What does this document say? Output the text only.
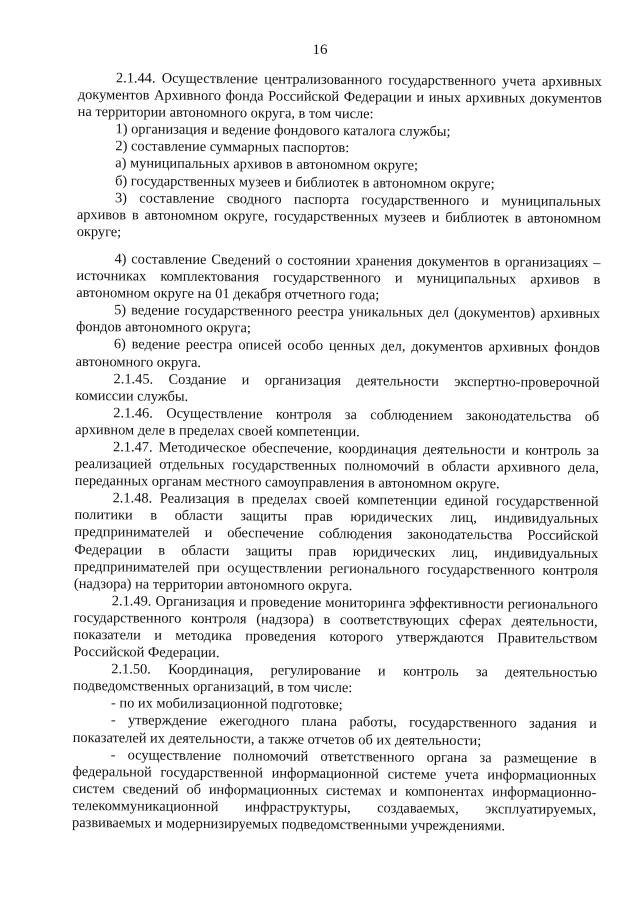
16

2.1.44. Осуществление централизованного государственного учета архивных документов Архивного фонда Российской Федерации и иных архивных документов на территории автономного округа, в том числе:

1) организация и ведение фондового каталога службы;

2) составление суммарных паспортов:

а) муниципальных архивов в автономном округе;

б) государственных музеев и библиотек в автономном округе;

3) составление сводного паспорта государственного и муниципальных архивов в автономном округе, государственных музеев и библиотек в автономном округе;

4) составление Сведений о состоянии хранения документов в организациях – источниках комплектования государственного и муниципальных архивов в автономном округе на 01 декабря отчетного года;

5) ведение государственного реестра уникальных дел (документов) архивных фондов автономного округа;

6) ведение реестра описей особо ценных дел, документов архивных фондов автономного округа.

2.1.45. Создание и организация деятельности экспертно-проверочной комиссии службы.

2.1.46. Осуществление контроля за соблюдением законодательства об архивном деле в пределах своей компетенции.

2.1.47. Методическое обеспечение, координация деятельности и контроль за реализацией отдельных государственных полномочий в области архивного дела, переданных органам местного самоуправления в автономном округе.

2.1.48. Реализация в пределах своей компетенции единой государственной политики в области защиты прав юридических лиц, индивидуальных предпринимателей и обеспечение соблюдения законодательства Российской Федерации в области защиты прав юридических лиц, индивидуальных предпринимателей при осуществлении регионального государственного контроля (надзора) на территории автономного округа.

2.1.49. Организация и проведение мониторинга эффективности регионального государственного контроля (надзора) в соответствующих сферах деятельности, показатели и методика проведения которого утверждаются Правительством Российской Федерации.

2.1.50. Координация, регулирование и контроль за деятельностью подведомственных организаций, в том числе:

- по их мобилизационной подготовке;

- утверждение ежегодного плана работы, государственного задания и показателей их деятельности, а также отчетов об их деятельности;

- осуществление полномочий ответственного органа за размещение в федеральной государственной информационной системе учета информационных систем сведений об информационных системах и компонентах информационно-телекоммуникационной инфраструктуры, создаваемых, эксплуатируемых, развиваемых и модернизируемых подведомственными учреждениями.
